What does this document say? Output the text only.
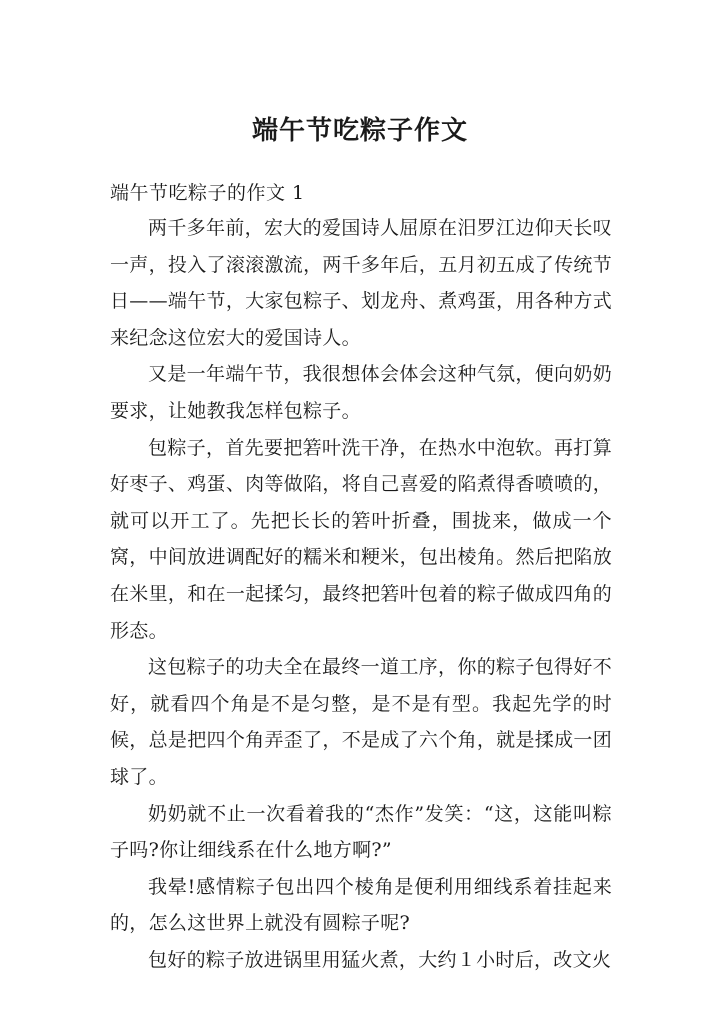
端午节吃粽子作文

端午节吃粽子的作文 1

两千多年前，宏大的爱国诗人屈原在汨罗江边仰天长叹一声，投入了滚滚激流，两千多年后，五月初五成了传统节日——端午节，大家包粽子、划龙舟、煮鸡蛋，用各种方式来纪念这位宏大的爱国诗人。

又是一年端午节，我很想体会体会这种气氛，便向奶奶要求，让她教我怎样包粽子。

包粽子，首先要把箬叶洗干净，在热水中泡软。再打算好枣子、鸡蛋、肉等做陷，将自己喜爱的陷煮得香喷喷的，就可以开工了。先把长长的箬叶折叠，围拢来，做成一个窝，中间放进调配好的糯米和粳米，包出棱角。然后把陷放在米里，和在一起揉匀，最终把箬叶包着的粽子做成四角的形态。

这包粽子的功夫全在最终一道工序，你的粽子包得好不好，就看四个角是不是匀整，是不是有型。我起先学的时候，总是把四个角弄歪了，不是成了六个角，就是揉成一团球了。

奶奶就不止一次看着我的“杰作”发笑：“这，这能叫粽子吗?你让细线系在什么地方啊?”

我晕!感情粽子包出四个棱角是便利用细线系着挂起来的，怎么这世界上就没有圆粽子呢?

包好的粽子放进锅里用猛火煮，大约１小时后，改文火
